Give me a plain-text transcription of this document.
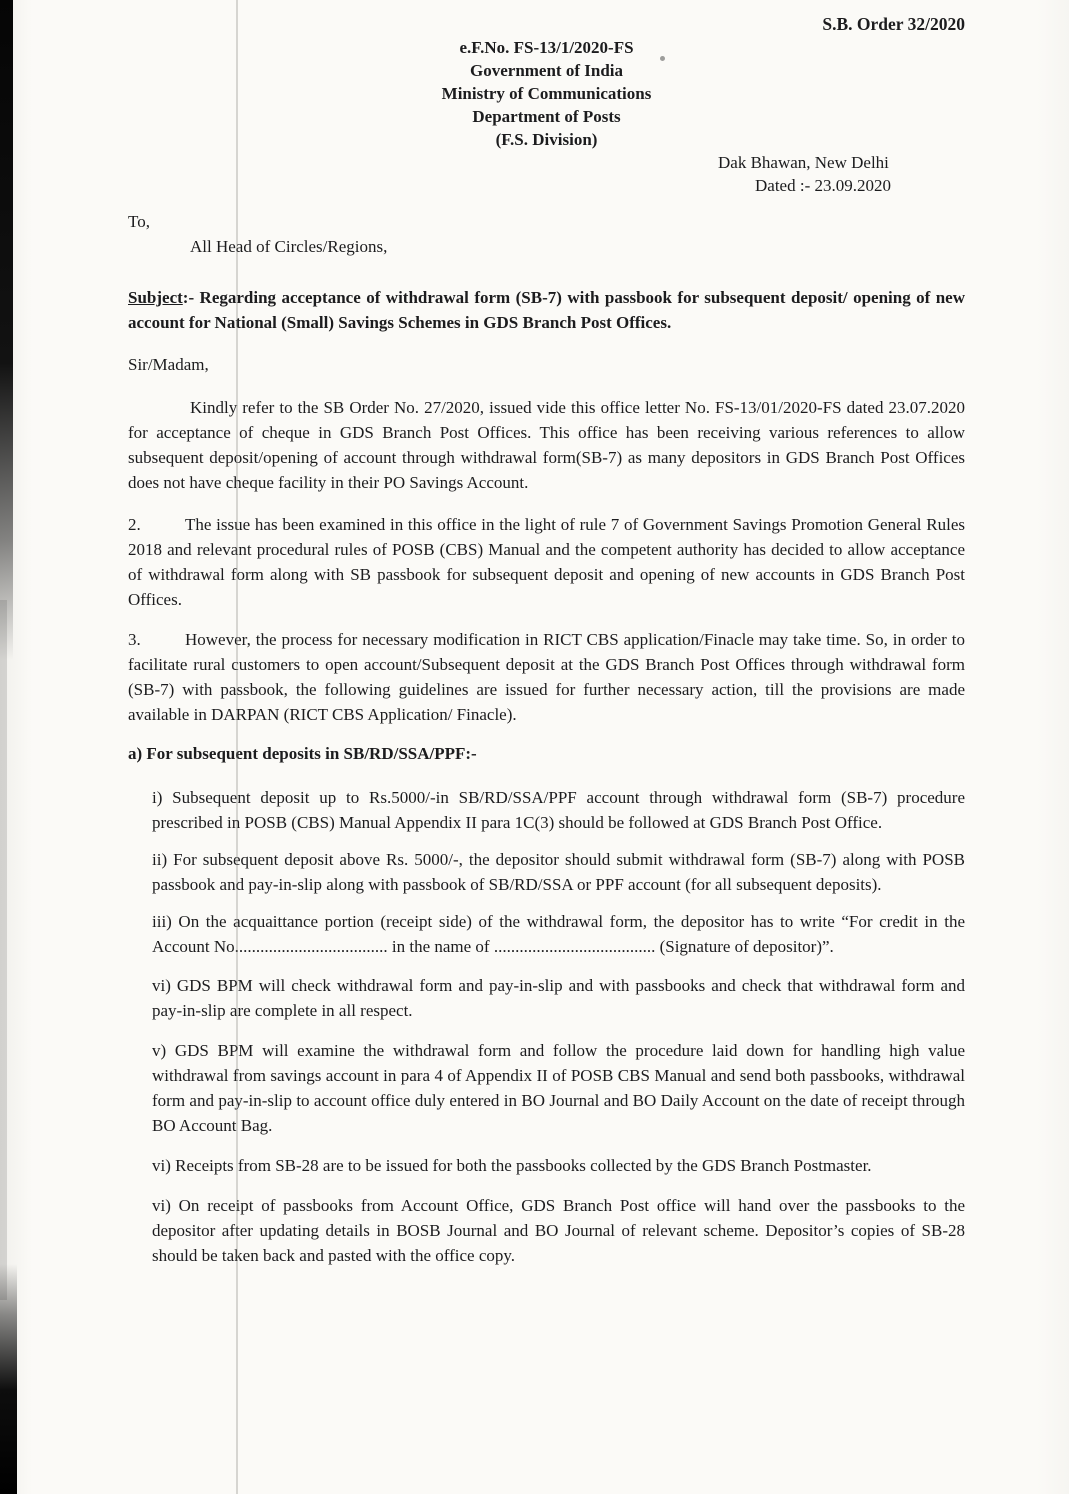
S.B. Order 32/2020
e.F.No. FS-13/1/2020-FS
Government of India
Ministry of Communications
Department of Posts
(F.S. Division)
Dak Bhawan, New Delhi
Dated :- 23.09.2020
To,
All Head of Circles/Regions,
Subject:- Regarding acceptance of withdrawal form (SB-7) with passbook for subsequent deposit/ opening of new account for National (Small) Savings Schemes in GDS Branch Post Offices.
Sir/Madam,

Kindly refer to the SB Order No. 27/2020, issued vide this office letter No. FS-13/01/2020-FS dated 23.07.2020 for acceptance of cheque in GDS Branch Post Offices. This office has been receiving various references to allow subsequent deposit/opening of account through withdrawal form(SB-7) as many depositors in GDS Branch Post Offices does not have cheque facility in their PO Savings Account.

2.	The issue has been examined in this office in the light of rule 7 of Government Savings Promotion General Rules 2018 and relevant procedural rules of POSB (CBS) Manual and the competent authority has decided to allow acceptance of withdrawal form along with SB passbook for subsequent deposit and opening of new accounts in GDS Branch Post Offices.

3.	However, the process for necessary modification in RICT CBS application/Finacle may take time. So, in order to facilitate rural customers to open account/Subsequent deposit at the GDS Branch Post Offices through withdrawal form (SB-7) with passbook, the following guidelines are issued for further necessary action, till the provisions are made available in DARPAN (RICT CBS Application/ Finacle).

a) For subsequent deposits in SB/RD/SSA/PPF:-

i) Subsequent deposit up to Rs.5000/-in SB/RD/SSA/PPF account through withdrawal form (SB-7) procedure prescribed in POSB (CBS) Manual Appendix II para 1C(3) should be followed at GDS Branch Post Office.

ii) For subsequent deposit above Rs. 5000/-, the depositor should submit withdrawal form (SB-7) along with POSB passbook and pay-in-slip along with passbook of SB/RD/SSA or PPF account (for all subsequent deposits).

iii) On the acquaittance portion (receipt side) of the withdrawal form, the depositor has to write “For credit in the Account No.................................... in the name of ...................................... (Signature of depositor)”.

vi) GDS BPM will check withdrawal form and pay-in-slip and with passbooks and check that withdrawal form and pay-in-slip are complete in all respect.

v) GDS BPM will examine the withdrawal form and follow the procedure laid down for handling high value withdrawal from savings account in para 4 of Appendix II of POSB CBS Manual and send both passbooks, withdrawal form and pay-in-slip to account office duly entered in BO Journal and BO Daily Account on the date of receipt through BO Account Bag.

vi) Receipts from SB-28 are to be issued for both the passbooks collected by the GDS Branch Postmaster.

vi) On receipt of passbooks from Account Office, GDS Branch Post office will hand over the passbooks to the depositor after updating details in BOSB Journal and BO Journal of relevant scheme. Depositor’s copies of SB-28 should be taken back and pasted with the office copy.
